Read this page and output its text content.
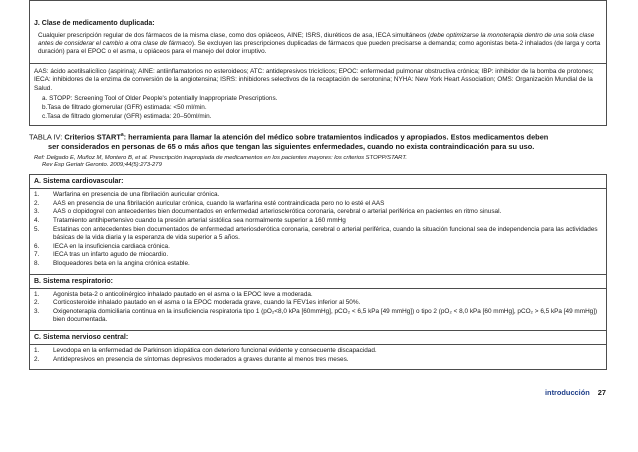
J. Clase de medicamento duplicada:

Cualquier prescripción regular de dos fármacos de la misma clase, como dos opiáceos, AINE; ISRS, diuréticos de asa, IECA simultáneos (debe optimizarse la monoterapia dentro de una sola clase antes de considerar el cambio a otra clase de fármaco). Se excluyen las prescripciones duplicadas de fármacos que pueden precisarse a demanda; como agonistas beta-2 inhalados (de larga y corta duración) para el EPOC o el asma, u opiáceos para el manejo del dolor irruptivo.

AAS: ácido acetilsalicílico (aspirina); AINE: antiinflamatorios no esteroideos; ATC: antidepresivos tricíclicos; EPOC: enfermedad pulmonar obstructiva crónica; IBP: inhibidor de la bomba de protones; IECA: inhibidores de la enzima de conversión de la angiotensina; ISRS: inhibidores selectivos de la recaptación de serotonina; NYHA: New York Heart Association; OMS: Organización Mundial de la Salud.

a. STOPP: Screening Tool of Older People's potentially Inappropriate Prescriptions.
b.Tasa de filtrado glomerular (GFR) estimada: <50 ml/min.
c.Tasa de filtrado glomerular (GFR) estimada: 20–50ml/min.

TABLA IV: Criterios START$^a$: herramienta para llamar la atención del médico sobre tratamientos indicados y apropiados. Estos medicamentos deben
ser considerados en personas de 65 o más años que tengan las siguientes enfermedades, cuando no exista contraindicación para su uso.

Ref: Delgado E, Muñoz M, Montero B, et al. Prescripción inapropiada de medicamentos en los pacientes mayores: los criterios STOPP/START.
Rev Esp Geriatr Geronto. 2009;44(5):273-279

A. Sistema cardiovascular:
1.	Warfarina en presencia de una fibrilación auricular crónica.
2.	AAS en presencia de una fibrilación auricular crónica, cuando la warfarina esté contraindicada pero no lo esté el AAS
3.	AAS o clopidogrel con antecedentes bien documentados en enfermedad arteriosclerótica coronaria, cerebral o arterial periférica en pacientes en ritmo sinusal.
4.	Tratamiento antihipertensivo cuando la presión arterial sistólica sea normalmente superior a 160 mmHg
5.	Estatinas con antecedentes bien documentados de enfermedad arteriosderótica coronaria, cerebral o arterial periférica, cuando la situación funcional sea de independencia para las actividades básicas de la vida diaria y la esperanza de vida superior a 5 años.
6.	IECA en la insuficiencia cardiaca crónica.
7.	IECA tras un infarto agudo de miocardio.
8.	Bloqueadores beta en la angina crónica estable.
B. Sistema respiratorio:
1.	Agonista beta-2 o anticolinérgico inhalado pautado en el asma o la EPOC leve a moderada.
2.	Corticosteroide inhalado pautado en el asma o la EPOC moderada grave, cuando la FEV1es inferior al 50%.
3.	Oxigenoterapia domiciliaria continua en la insuficiencia respiratoria tipo 1 (pO₂<8,0 kPa [60mmHg], pCO₂ < 6,5 kPa [49 mmHg]) o tipo 2 (pO₂ < 8,0 kPa [60 mmHg], pCO₂ > 6,5 kPa [49 mmHg]) bien documentada.
C. Sistema nervioso central:
1.	Levodopa en la enfermedad de Parkinson idiopática con deterioro funcional evidente y consecuente discapacidad.
2.	Antidepresivos en presencia de síntomas depresivos moderados a graves durante al menos tres meses.
introducción 27
